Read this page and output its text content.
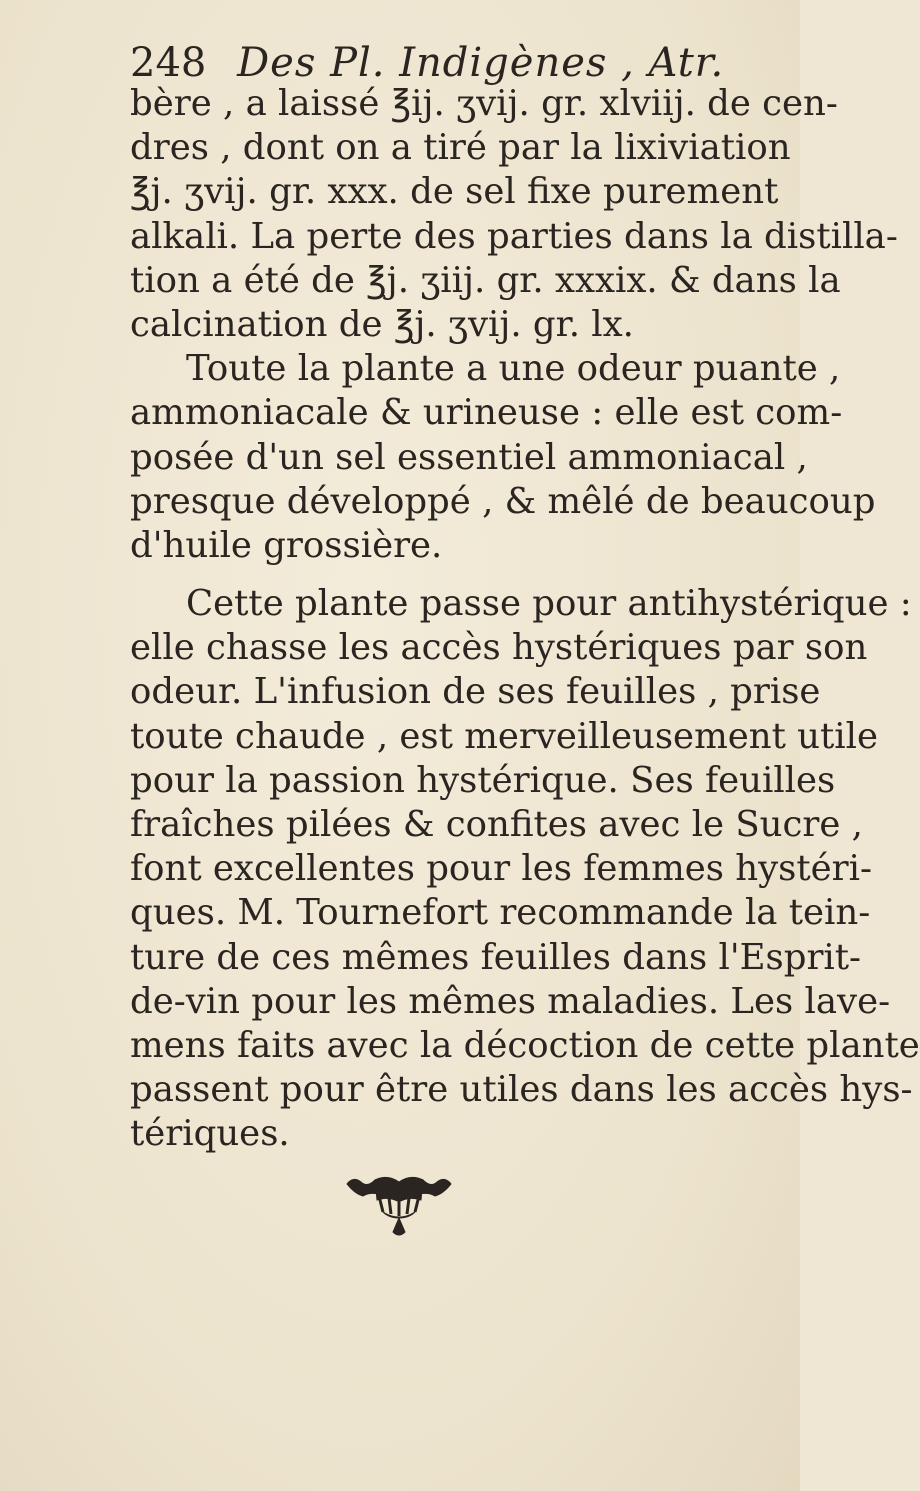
248 Des Pl. Indigènes , Atr.
bère , a laissé ℥ij. ʒvij. gr. xlviij. de cen-
dres , dont on a tiré par la lixiviation
℥j. ʒvij. gr. xxx. de sel fixe purement
alkali. La perte des parties dans la distilla-
tion a été de ℥j. ʒiij. gr. xxxix. & dans la
calcination de ℥j. ʒvij. gr. lx.
Toute la plante a une odeur puante ,
ammoniacale & urineuse : elle est com-
posée d'un sel essentiel ammoniacal ,
presque développé , & mêlé de beaucoup
d'huile grossière.
Cette plante passe pour antihystérique :
elle chasse les accès hystériques par son
odeur. L'infusion de ses feuilles , prise
toute chaude , est merveilleusement utile
pour la passion hystérique. Ses feuilles
fraîches pilées & confites avec le Sucre ,
font excellentes pour les femmes hystéri-
ques. M. Tournefort recommande la tein-
ture de ces mêmes feuilles dans l'Esprit-
de-vin pour les mêmes maladies. Les lave-
mens faits avec la décoction de cette plante
passent pour être utiles dans les accès hys-
tériques.
